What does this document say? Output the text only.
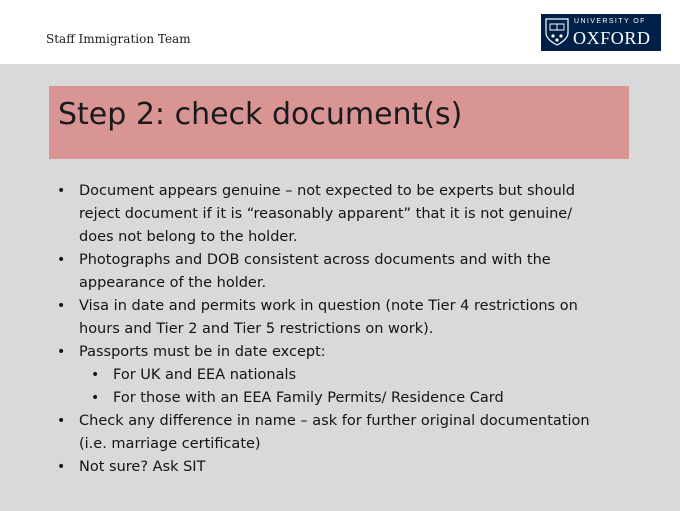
Staff Immigration Team
UNIVERSITY OF
OXFORD
Step 2: check document(s)
• Document appears genuine – not expected to be experts but should
reject document if it is “reasonably apparent” that it is not genuine/
does not belong to the holder.
• Photographs and DOB consistent across documents and with the
appearance of the holder.
• Visa in date and permits work in question (note Tier 4 restrictions on
hours and Tier 2 and Tier 5 restrictions on work).
• Passports must be in date except:
• For UK and EEA nationals
• For those with an EEA Family Permits/ Residence Card
• Check any difference in name – ask for further original documentation
(i.e. marriage certificate)
• Not sure? Ask SIT
